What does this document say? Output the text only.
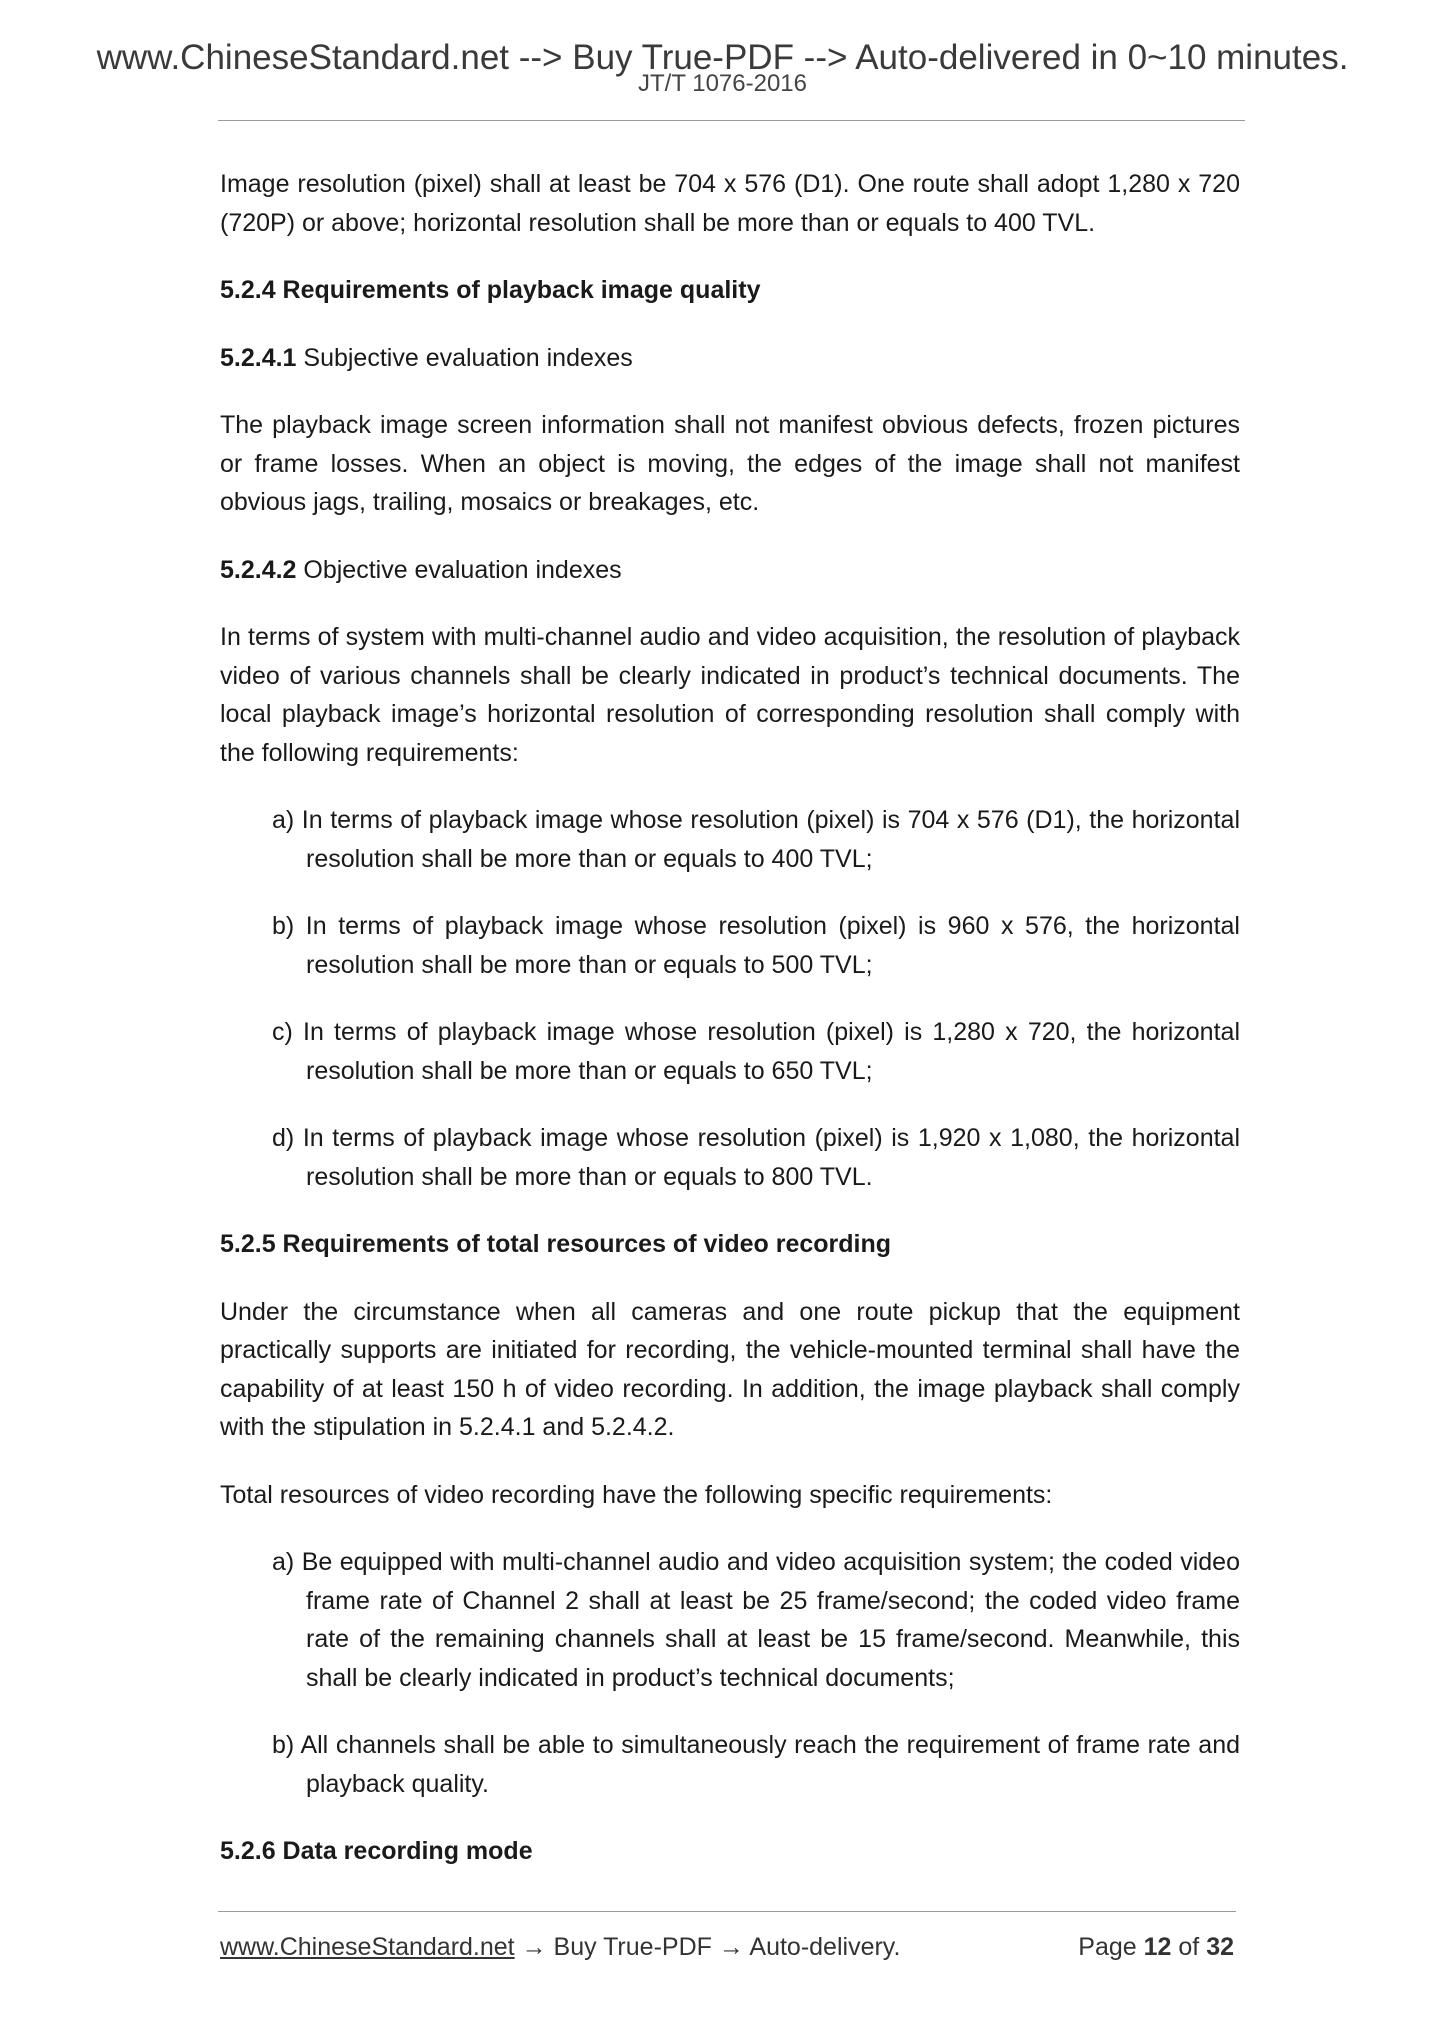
www.ChineseStandard.net --> Buy True-PDF --> Auto-delivered in 0~10 minutes.
JT/T 1076-2016

Image resolution (pixel) shall at least be 704 x 576 (D1). One route shall adopt 1,280 x 720 (720P) or above; horizontal resolution shall be more than or equals to 400 TVL.

5.2.4 Requirements of playback image quality

5.2.4.1 Subjective evaluation indexes

The playback image screen information shall not manifest obvious defects, frozen pictures or frame losses. When an object is moving, the edges of the image shall not manifest obvious jags, trailing, mosaics or breakages, etc.

5.2.4.2 Objective evaluation indexes

In terms of system with multi-channel audio and video acquisition, the resolution of playback video of various channels shall be clearly indicated in product’s technical documents. The local playback image’s horizontal resolution of corresponding resolution shall comply with the following requirements:

a) In terms of playback image whose resolution (pixel) is 704 x 576 (D1), the horizontal resolution shall be more than or equals to 400 TVL;

b) In terms of playback image whose resolution (pixel) is 960 x 576, the horizontal resolution shall be more than or equals to 500 TVL;

c) In terms of playback image whose resolution (pixel) is 1,280 x 720, the horizontal resolution shall be more than or equals to 650 TVL;

d) In terms of playback image whose resolution (pixel) is 1,920 x 1,080, the horizontal resolution shall be more than or equals to 800 TVL.

5.2.5 Requirements of total resources of video recording

Under the circumstance when all cameras and one route pickup that the equipment practically supports are initiated for recording, the vehicle-mounted terminal shall have the capability of at least 150 h of video recording. In addition, the image playback shall comply with the stipulation in 5.2.4.1 and 5.2.4.2.

Total resources of video recording have the following specific requirements:

a) Be equipped with multi-channel audio and video acquisition system; the coded video frame rate of Channel 2 shall at least be 25 frame/second; the coded video frame rate of the remaining channels shall at least be 15 frame/second. Meanwhile, this shall be clearly indicated in product’s technical documents;

b) All channels shall be able to simultaneously reach the requirement of frame rate and playback quality.

5.2.6 Data recording mode

www.ChineseStandard.net → Buy True-PDF → Auto-delivery.	Page 12 of 32
